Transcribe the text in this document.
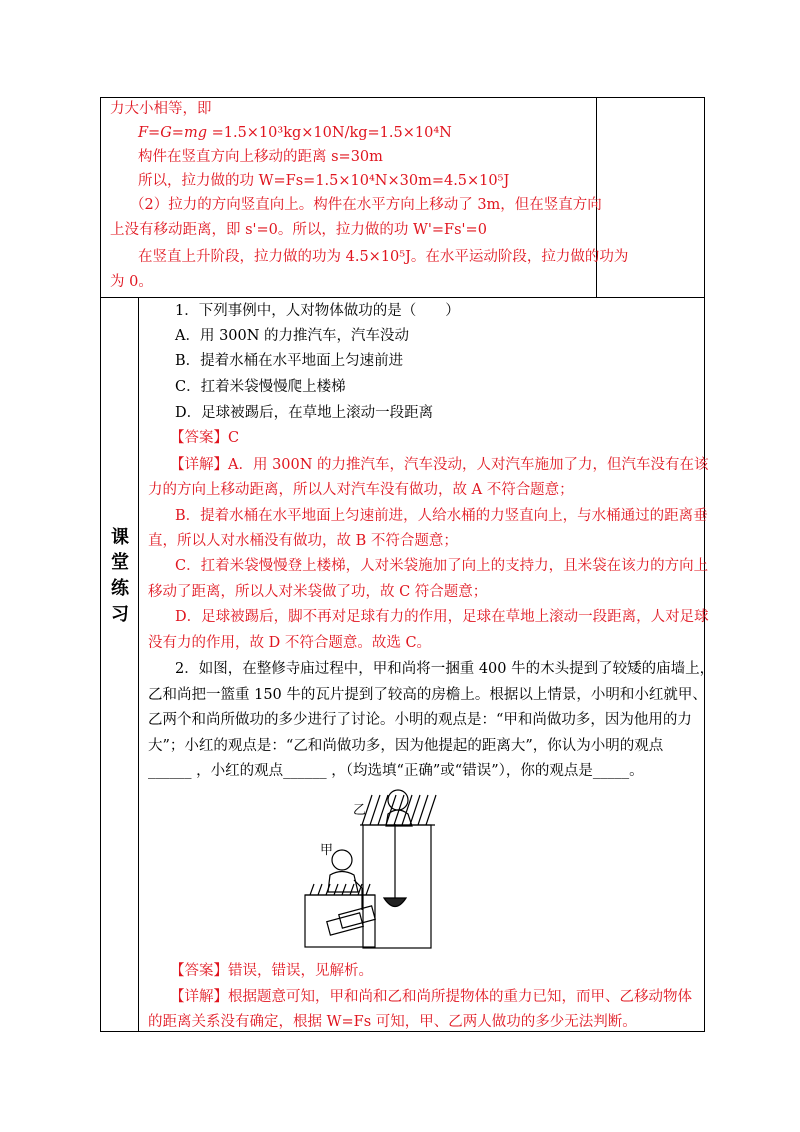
力大小相等，即
F=G=mg =1.5×10³kg×10N/kg=1.5×10⁴N
构件在竖直方向上移动的距离 s=30m
所以，拉力做的功 W=Fs=1.5×10⁴N×30m=4.5×10⁵J
（2）拉力的方向竖直向上。构件在水平方向上移动了 3m，但在竖直方向
上没有移动距离，即 s'=0。所以，拉力做的功 W'=Fs'=0
在竖直上升阶段，拉力做的功为 4.5×10⁵J。在水平运动阶段，拉力做的功为
为 0。
课
堂
练
习
1．下列事例中，人对物体做功的是（　　）
A．用 300N 的力推汽车，汽车没动
B．提着水桶在水平地面上匀速前进
C．扛着米袋慢慢爬上楼梯
D．足球被踢后，在草地上滚动一段距离
【答案】C
【详解】A．用 300N 的力推汽车，汽车没动，人对汽车施加了力，但汽车没有在该
力的方向上移动距离，所以人对汽车没有做功，故 A 不符合题意；
B．提着水桶在水平地面上匀速前进，人给水桶的力竖直向上，与水桶通过的距离垂
直，所以人对水桶没有做功，故 B 不符合题意；
C．扛着米袋慢慢登上楼梯，人对米袋施加了向上的支持力，且米袋在该力的方向上
移动了距离，所以人对米袋做了功，故 C 符合题意；
D．足球被踢后，脚不再对足球有力的作用，足球在草地上滚动一段距离，人对足球
没有力的作用，故 D 不符合题意。故选 C。
2．如图，在整修寺庙过程中，甲和尚将一捆重 400 牛的木头提到了较矮的庙墙上，
乙和尚把一篮重 150 牛的瓦片提到了较高的房檐上。根据以上情景，小明和小红就甲、
乙两个和尚所做功的多少进行了讨论。小明的观点是：“甲和尚做功多，因为他用的力
大”；小红的观点是：“乙和尚做功多，因为他提起的距离大”，你认为小明的观点
______ ，小红的观点______ ，（均选填“正确”或“错误”），你的观点是_____。
乙
甲
【答案】错误，错误，见解析。
【详解】根据题意可知，甲和尚和乙和尚所提物体的重力已知，而甲、乙移动物体
的距离关系没有确定，根据 W=Fs 可知，甲、乙两人做功的多少无法判断。
